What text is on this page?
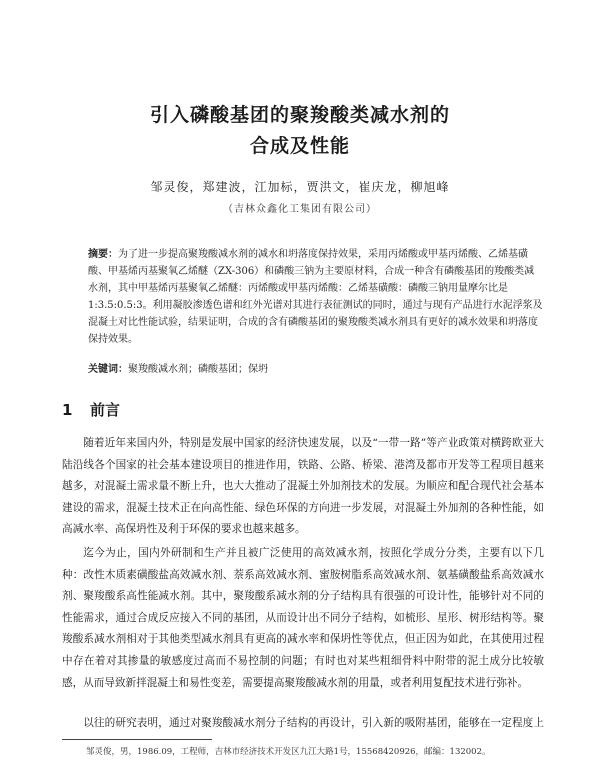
引入磷酸基团的聚羧酸类减水剂的
合成及性能
邹灵俊，郑建波，江加标，贾洪文，崔庆龙，柳旭峰
（吉林众鑫化工集团有限公司）
摘要：为了进一步提高聚羧酸减水剂的减水和坍落度保持效果，采用丙烯酸或甲基丙烯酸、乙烯基磺酸、甲基烯丙基聚氧乙烯醚（ZX-306）和磷酸三钠为主要原材料，合成一种含有磷酸基团的羧酸类减水剂，其中甲基烯丙基聚氧乙烯醚：丙烯酸或甲基丙烯酸：乙烯基磺酸：磷酸三钠用量摩尔比是1:3.5:0.5:3。利用凝胶渗透色谱和红外光谱对其进行表征测试的同时，通过与现有产品进行水泥浮浆及混凝土对比性能试验，结果证明，合成的含有磷酸基团的聚羧酸类减水剂具有更好的减水效果和坍落度保持效果。
关键词：聚羧酸减水剂；磷酸基团；保坍
1 前言

随着近年来国内外，特别是发展中国家的经济快速发展，以及“一带一路”等产业政策对横跨欧亚大陆沿线各个国家的社会基本建设项目的推进作用，铁路、公路、桥梁、港湾及都市开发等工程项目越来越多，对混凝土需求量不断上升，也大大推动了混凝土外加剂技术的发展。为顺应和配合现代社会基本建设的需求，混凝土技术正在向高性能、绿色环保的方向进一步发展，对混凝土外加剂的各种性能，如高减水率、高保坍性及利于环保的要求也越来越多。

迄今为止，国内外研制和生产并且被广泛使用的高效减水剂，按照化学成分分类，主要有以下几种：改性木质素磺酸盐高效减水剂、萘系高效减水剂、蜜胺树脂系高效减水剂、氨基磺酸盐系高效减水剂、聚羧酸系高性能减水剂。其中，聚羧酸系减水剂的分子结构具有很强的可设计性，能够针对不同的性能需求，通过合成反应接入不同的基团，从而设计出不同分子结构，如梳形、星形、树形结构等。聚羧酸系减水剂相对于其他类型减水剂具有更高的减水率和保坍性等优点，但正因为如此，在其使用过程中存在着对其掺量的敏感度过高而不易控制的问题；有时也对某些粗细骨料中附带的泥土成分比较敏感，从而导致新拌混凝土和易性变差，需要提高聚羧酸减水剂的用量，或者利用复配技术进行弥补。

以往的研究表明，通过对聚羧酸减水剂分子结构的再设计，引入新的吸附基团，能够在一定程度上

邹灵俊，男，1986.09，工程师，吉林市经济技术开发区九江大路1号，15568420926，邮编：132002。
